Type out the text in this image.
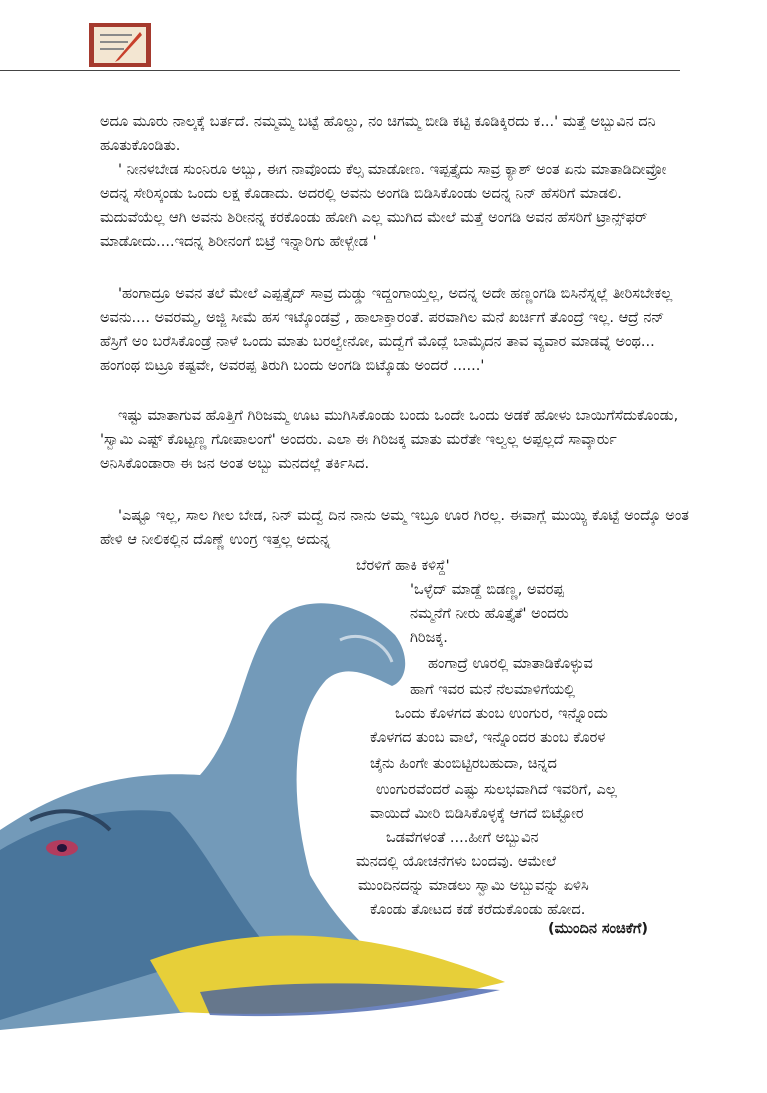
ಅದೂ ಮೂರು ನಾಲ್ಕಕ್ಕೆ ಬರ್ತದೆ. ನಮ್ಮಮ್ಮ ಬಟ್ಟೆ ಹೊಲ್ದು, ನಂ ಚಿಗಮ್ಮ ಬೀಡಿ ಕಟ್ಟಿ ಕೂಡಿಕ್ಕಿರದು ಕ...' ಮತ್ತೆ ಅಬ್ಬುವಿನ ದನಿ ಹೂತುಕೊಂಡಿತು.

' ನೀನಳಬೇಡ ಸುಂನಿರೂ ಅಬ್ಬು, ಈಗ ನಾವೊಂದು ಕೆಲ್ಸ ಮಾಡೋಣ. ಇಪ್ಪತ್ತೈದು ಸಾವ್ರ ಕ್ಯಾಶ್ ಅಂತ ಏನು ಮಾತಾಡಿದೀವ್ರೋ ಅದನ್ನ ಸೇರಿಸ್ಕಂಡು ಒಂದು ಲಕ್ಷ ಕೊಡಾದು. ಅದರಲ್ಲಿ ಅವನು ಅಂಗಡಿ ಬಿಡಿಸಿಕೊಂಡು ಅದನ್ನ ನಿನ್ ಹೆಸರಿಗೆ ಮಾಡಲಿ. ಮದುವೆಯೆಲ್ಲ ಆಗಿ ಅವನು ಶಿರೀನನ್ನ ಕರಕೊಂಡು ಹೋಗಿ ಎಲ್ಲ ಮುಗಿದ ಮೇಲೆ ಮತ್ತೆ ಅಂಗಡಿ ಅವನ ಹೆಸರಿಗೆ ಟ್ರಾನ್ಸ್‌ಫರ್ ಮಾಡೋದು....ಇದನ್ನ ಶಿರೀನಂಗೆ ಬಿಟ್ರೆ ಇನ್ನಾರಿಗು ಹೇಳ್ಬೇಡ '

'ಹಂಗಾದ್ರೂ ಅವನ ತಲೆ ಮೇಲೆ ಎಪ್ಪತ್ತೈದ್ ಸಾವ್ರ ದುಡ್ಡು ಇದ್ದಂಗಾಯ್ತಲ್ಲ, ಅದನ್ನ ಅದೇ ಹಣ್ಣಂಗಡಿ ಬಿಸಿನೆಸ್ನಲ್ಲೆ ತೀರಿಸಬೇಕಲ್ಲ ಅವನು.... ಅವರಮ್ಮ, ಅಜ್ಜಿ ಸೀಮೆ ಹಸ ಇಟ್ಕೊಂಡವ್ರೆ , ಹಾಲಾಕ್ತಾರಂತೆ. ಪರವಾಗಿಲ ಮನೆ ಖರ್ಚಿಗೆ ತೊಂದ್ರೆ ಇಲ್ಲ. ಆದ್ರೆ ನನ್ ಹೆಸ್ರಿಗೆ ಅಂ ಬರೆಸಿಕೊಂಡ್ರೆ ನಾಳೆ ಒಂದು ಮಾತು ಬರಲ್ವೇನೋ, ಮದ್ವೆಗೆ ಮೊದ್ಲೆ ಬಾಮೈದನ ತಾವ ವ್ಯವಾರ ಮಾಡವ್ನೆ ಅಂಥ... ಹಂಗಂಥ ಬಿಟ್ರೂ ಕಷ್ಟವೇ, ಅವರಪ್ಪ ತಿರುಗಿ ಬಂದು ಅಂಗಡಿ ಬಿಟ್ಕೊಡು ಅಂದರೆ ......'

ಇಷ್ಟು ಮಾತಾಗುವ ಹೊತ್ತಿಗೆ ಗಿರಿಜಮ್ಮ ಊಟ ಮುಗಿಸಿಕೊಂಡು ಬಂದು ಒಂದೇ ಒಂದು ಅಡಕೆ ಹೋಳು ಬಾಯಿಗೆಸೆದುಕೊಂಡು, 'ಸ್ವಾಮಿ ಎಷ್ಟ್ ಕೊಟ್ಟಣ್ಣ ಗೋಪಾಲಂಗೆ' ಅಂದರು. ಎಲಾ ಈ ಗಿರಿಜಕ್ಕ ಮಾತು ಮರೆತೇ ಇಲ್ವಲ್ಲ ಅಪ್ಪಲ್ಲದೆ ಸಾವ್ಕಾರ್ರು ಅನಿಸಿಕೊಂಡಾರಾ ಈ ಜನ ಅಂತ ಅಬ್ಬು ಮನದಲ್ಲೆ ತರ್ಕಿಸಿದ.

'ಎಷ್ಟೂ ಇಲ್ಲ, ಸಾಲ ಗೀಲ ಬೇಡ, ನಿನ್ ಮದ್ವೆ ದಿನ ನಾನು ಅಮ್ಮ ಇಬ್ರೂ ಊರ ಗಿರಲ್ಲ. ಈವಾಗ್ಲೆ ಮುಯ್ಯಿ ಕೊಟ್ಟೆ ಅಂದ್ಕೊ ಅಂತ ಹೇಳಿ ಆ ನೀಲಿಕಲ್ಲಿನ ದೊಣ್ಣೆ ಉಂಗ್ರ ಇತ್ತಲ್ಲ ಅದುನ್ನ

ಬೆರಳಿಗೆ ಹಾಕಿ ಕಳಿಸ್ದೆ'
'ಒಳ್ಳೆದ್ ಮಾಡ್ದೆ ಬಿಡಣ್ಣ, ಅವರಪ್ಪ
ನಮ್ಮನೆಗೆ ನೀರು ಹೊತ್ತೈತೆ' ಅಂದರು
ಗಿರಿಜಕ್ಕ.
ಹಂಗಾದ್ರೆ ಊರಲ್ಲಿ ಮಾತಾಡಿಕೊಳ್ಳುವ
ಹಾಗೆ ಇವರ ಮನೆ ನೆಲಮಾಳಿಗೆಯಲ್ಲಿ
ಒಂದು ಕೊಳಗದ ತುಂಬ ಉಂಗುರ, ಇನ್ನೊಂದು
ಕೊಳಗದ ತುಂಬ ವಾಲೆ, ಇನ್ನೊಂದರ ತುಂಬ ಕೊರಳ
ಚೈನು ಹಿಂಗೇ ತುಂಬಿಟ್ಟಿರಬಹುದಾ, ಚಿನ್ನದ
ಉಂಗುರವೆಂದರೆ ಎಷ್ಟು ಸುಲಭವಾಗಿದೆ ಇವರಿಗೆ, ಎಲ್ಲ
ವಾಯಿದೆ ಮೀರಿ ಬಿಡಿಸಿಕೊಳ್ಳಕ್ಕೆ ಆಗದೆ ಬಿಟ್ಟೋರ
ಒಡವೆಗಳಂತೆ ....ಹೀಗೆ ಅಬ್ಬುವಿನ
ಮನದಲ್ಲಿ ಯೋಚನೆಗಳು ಬಂದವು. ಆಮೇಲೆ
ಮುಂದಿನದನ್ನು ಮಾಡಲು ಸ್ವಾಮಿ ಅಬ್ಬುವನ್ನು ಏಳಿಸಿ
ಕೊಂಡು ತೋಟದ ಕಡೆ ಕರೆದುಕೊಂಡು ಹೋದ.
(ಮುಂದಿನ ಸಂಚಿಕೆಗೆ)
